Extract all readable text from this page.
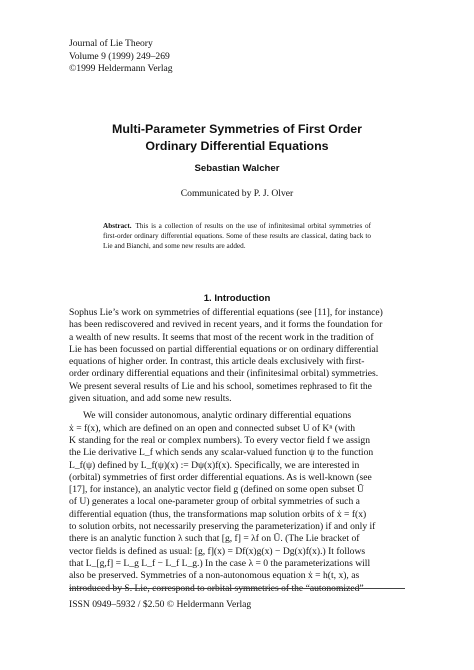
Journal of Lie Theory
Volume 9 (1999) 249–269
©1999 Heldermann Verlag
Multi-Parameter Symmetries of First Order
Ordinary Differential Equations
Sebastian Walcher
Communicated by P. J. Olver
Abstract. This is a collection of results on the use of infinitesimal orbital symmetries of first-order ordinary differential equations. Some of these results are classical, dating back to Lie and Bianchi, and some new results are added.
1. Introduction
Sophus Lie’s work on symmetries of differential equations (see [11], for instance)
has been rediscovered and revived in recent years, and it forms the foundation for
a wealth of new results. It seems that most of the recent work in the tradition of
Lie has been focussed on partial differential equations or on ordinary differential
equations of higher order. In contrast, this article deals exclusively with first-
order ordinary differential equations and their (infinitesimal orbital) symmetries.
We present several results of Lie and his school, sometimes rephrased to fit the
given situation, and add some new results.
We will consider autonomous, analytic ordinary differential equations
ẋ = f(x), which are defined on an open and connected subset U of Kⁿ (with
K standing for the real or complex numbers). To every vector field f we assign
the Lie derivative L_f which sends any scalar-valued function ψ to the function
L_f(ψ) defined by L_f(ψ)(x) := Dψ(x)f(x). Specifically, we are interested in
(orbital) symmetries of first order differential equations. As is well-known (see
[17], for instance), an analytic vector field g (defined on some open subset Ũ
of U) generates a local one-parameter group of orbital symmetries of such a
differential equation (thus, the transformations map solution orbits of ẋ = f(x)
to solution orbits, not necessarily preserving the parameterization) if and only if
there is an analytic function λ such that [g, f] = λf on Ũ. (The Lie bracket of
vector fields is defined as usual: [g, f](x) = Df(x)g(x) − Dg(x)f(x).) It follows
that L_[g,f] = L_g L_f − L_f L_g.) In the case λ = 0 the parameterizations will
also be preserved. Symmetries of a non-autonomous equation ẋ = h(t, x), as
introduced by S. Lie, correspond to orbital symmetries of the “autonomized”
ISSN 0949–5932 / $2.50 © Heldermann Verlag
